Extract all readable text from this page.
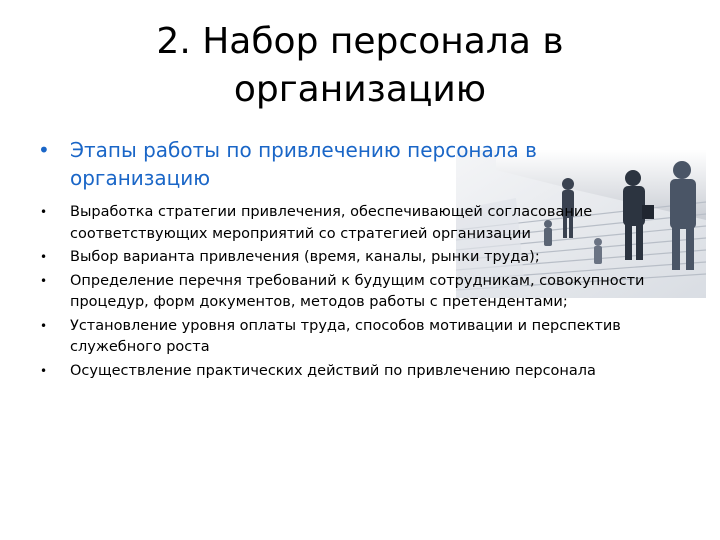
2. Набор персонала в
организацию
• Этапы работы по привлечению персонала в организацию
• Выработка стратегии привлечения, обеспечивающей согласование соответствующих мероприятий со стратегией организации
• Выбор варианта привлечения (время, каналы, рынки труда);
• Определение перечня требований к будущим сотрудникам, совокупности процедур, форм документов, методов работы с претендентами;
• Установление уровня оплаты труда, способов мотивации и перспектив служебного роста
• Осуществление практических действий по привлечению персонала
